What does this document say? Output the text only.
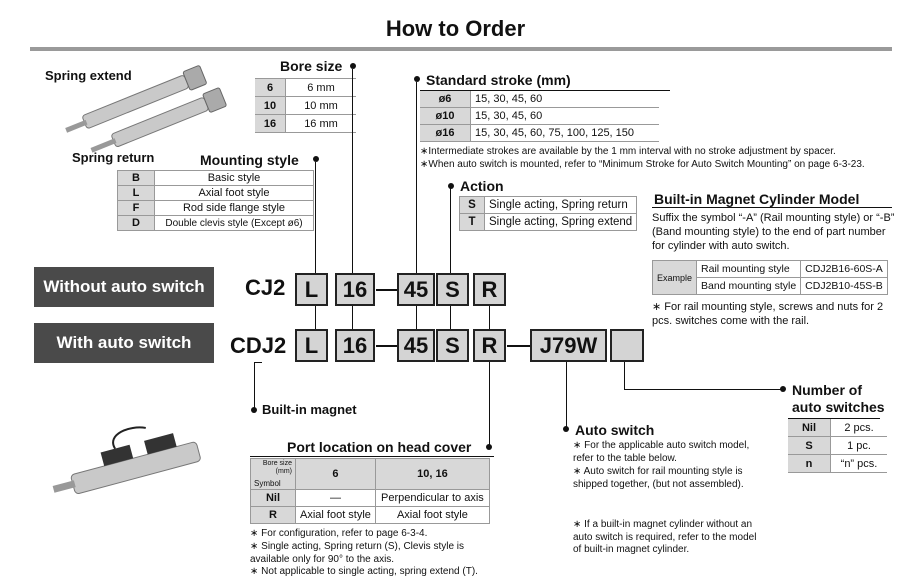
How to Order
Spring extend
Spring return
Bore size
6	6 mm
10	10 mm
16	16 mm
Mounting style
B	Basic style
L	Axial foot style
F	Rod side flange style
D	Double clevis style (Except ø6)
Standard stroke (mm)
ø6	15, 30, 45, 60
ø10	15, 30, 45, 60
ø16	15, 30, 45, 60, 75, 100, 125, 150
∗Intermediate strokes are available by the 1 mm interval with no stroke adjustment by spacer.
∗When auto switch is mounted, refer to “Minimum Stroke for Auto Switch Mounting” on page 6-3-23.
Action
S	Single acting, Spring return
T	Single acting, Spring extend
Built-in Magnet Cylinder Model
Suffix the symbol “-A” (Rail mounting style) or “-B” (Band mounting style) to the end of part number for cylinder with auto switch.
Example	Rail mounting style	CDJ2B16-60S-A
	Band mounting style	CDJ2B10-45S-B
∗ For rail mounting style, screws and nuts for 2 pcs. switches come with the rail.
Without auto switch
With auto switch
CJ2 L	16	45 S R
CDJ2 L	16	45 S R	J79W
Built-in magnet
Port location on head cover
Bore size (mm)
Symbol	6	10, 16
Nil	—	Perpendicular to axis
R	Axial foot style	Axial foot style
∗ For configuration, refer to page 6-3-4.
∗ Single acting, Spring return (S), Clevis style is available only for 90° to the axis.
∗ Not applicable to single acting, spring extend (T).
Auto switch
∗ For the applicable auto switch model, refer to the table below.
∗ Auto switch for rail mounting style is shipped together, (but not assembled).
∗ If a built-in magnet cylinder without an auto switch is required, refer to the model of built-in magnet cylinder.
Number of
auto switches
Nil	2 pcs.
S	1 pc.
n	“n” pcs.
